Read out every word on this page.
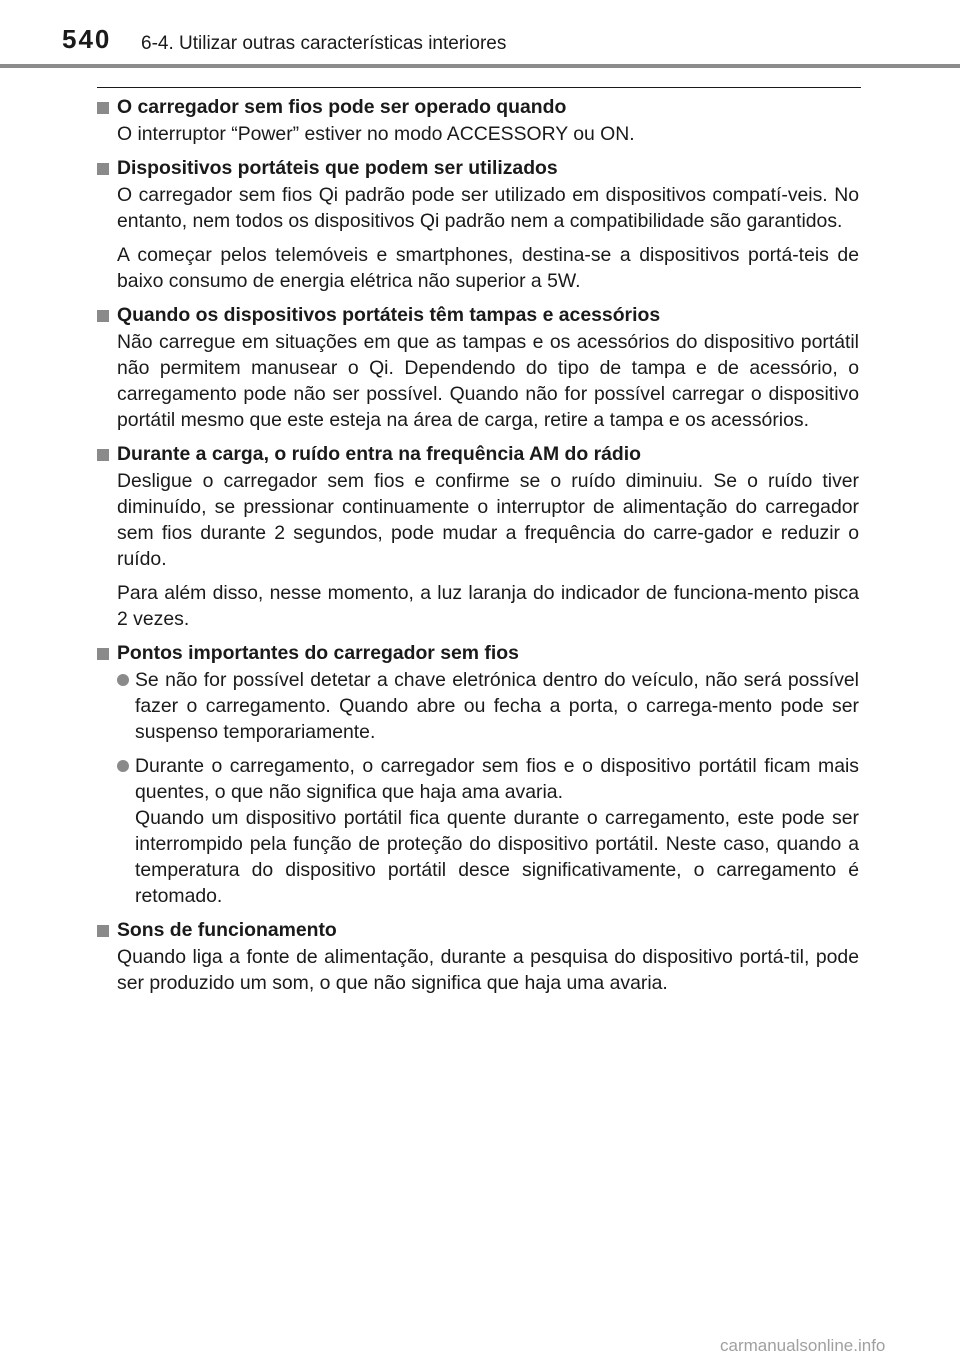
540 6-4. Utilizar outras características interiores
O carregador sem fios pode ser operado quando

O interruptor “Power” estiver no modo ACCESSORY ou ON.

Dispositivos portáteis que podem ser utilizados

O carregador sem fios Qi padrão pode ser utilizado em dispositivos compatí-veis. No entanto, nem todos os dispositivos Qi padrão nem a compatibilidade são garantidos.

A começar pelos telemóveis e smartphones, destina-se a dispositivos portá-teis de baixo consumo de energia elétrica não superior a 5W.

Quando os dispositivos portáteis têm tampas e acessórios

Não carregue em situações em que as tampas e os acessórios do dispositivo portátil não permitem manusear o Qi. Dependendo do tipo de tampa e de acessório, o carregamento pode não ser possível. Quando não for possível carregar o dispositivo portátil mesmo que este esteja na área de carga, retire a tampa e os acessórios.

Durante a carga, o ruído entra na frequência AM do rádio

Desligue o carregador sem fios e confirme se o ruído diminuiu. Se o ruído tiver diminuído, se pressionar continuamente o interruptor de alimentação do carregador sem fios durante 2 segundos, pode mudar a frequência do carre-gador e reduzir o ruído.

Para além disso, nesse momento, a luz laranja do indicador de funciona-mento pisca 2 vezes.

Pontos importantes do carregador sem fios

Se não for possível detetar a chave eletrónica dentro do veículo, não será possível fazer o carregamento. Quando abre ou fecha a porta, o carrega-mento pode ser suspenso temporariamente.

Durante o carregamento, o carregador sem fios e o dispositivo portátil ficam mais quentes, o que não significa que haja ama avaria.
Quando um dispositivo portátil fica quente durante o carregamento, este pode ser interrompido pela função de proteção do dispositivo portátil. Neste caso, quando a temperatura do dispositivo portátil desce significativamente, o carregamento é retomado.

Sons de funcionamento

Quando liga a fonte de alimentação, durante a pesquisa do dispositivo portá-til, pode ser produzido um som, o que não significa que haja uma avaria.

carmanualsonline.info
